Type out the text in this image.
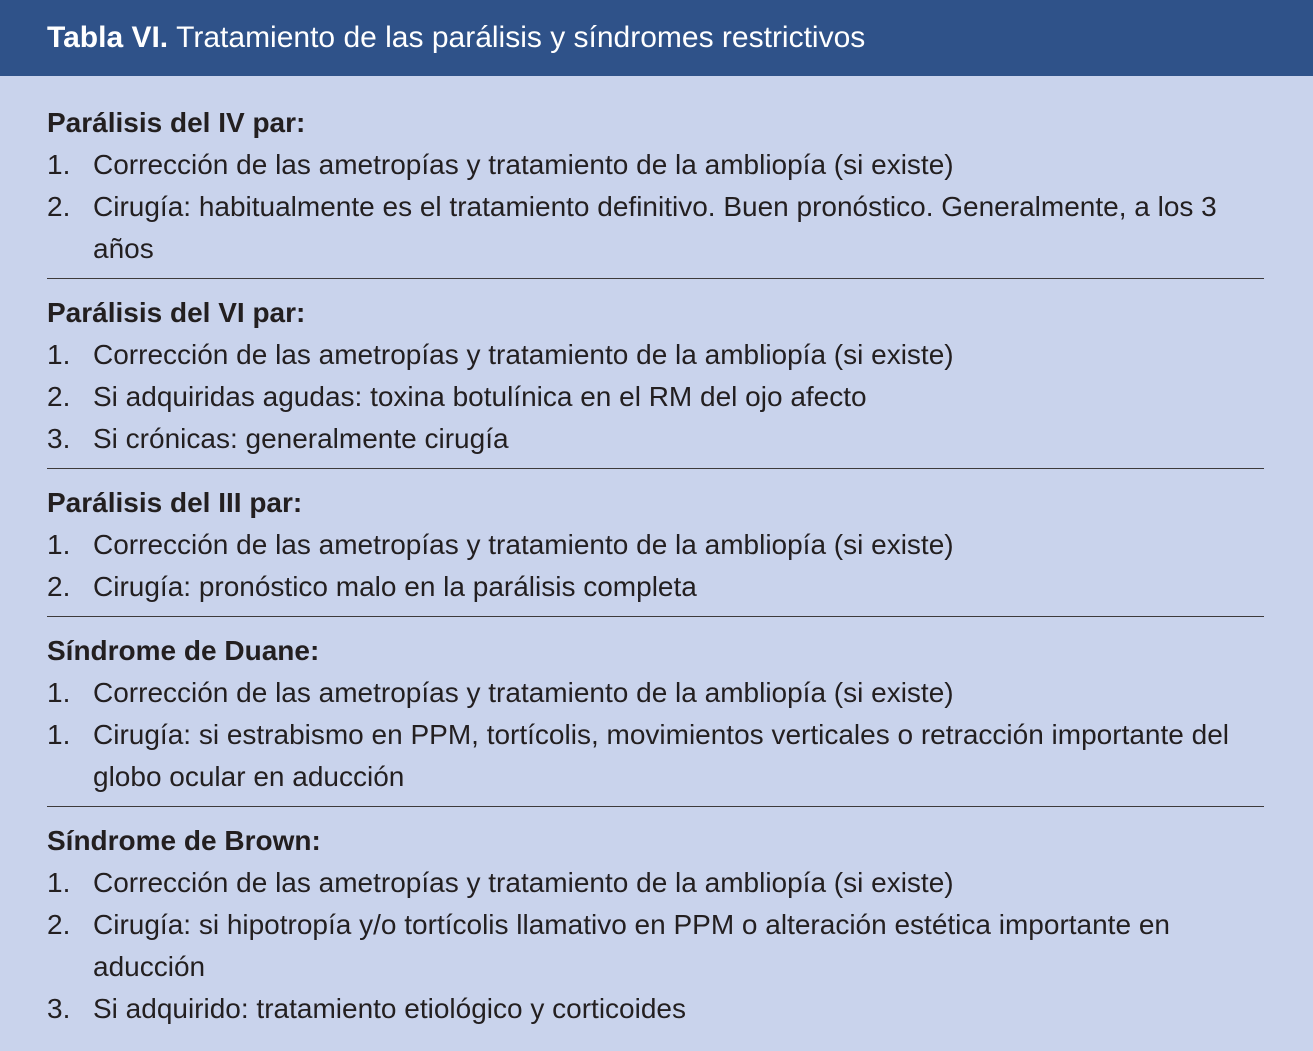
Tabla VI. Tratamiento de las parálisis y síndromes restrictivos

Parálisis del IV par:

1. Corrección de las ametropías y tratamiento de la ambliopía (si existe)
2. Cirugía: habitualmente es el tratamiento definitivo. Buen pronóstico. Generalmente, a los 3 años

Parálisis del VI par:

1. Corrección de las ametropías y tratamiento de la ambliopía (si existe)
2. Si adquiridas agudas: toxina botulínica en el RM del ojo afecto
3. Si crónicas: generalmente cirugía

Parálisis del III par:

1. Corrección de las ametropías y tratamiento de la ambliopía (si existe)
2. Cirugía: pronóstico malo en la parálisis completa

Síndrome de Duane:

1. Corrección de las ametropías y tratamiento de la ambliopía (si existe)
1. Cirugía: si estrabismo en PPM, tortícolis, movimientos verticales o retracción importante del globo ocular en aducción

Síndrome de Brown:

1. Corrección de las ametropías y tratamiento de la ambliopía (si existe)
2. Cirugía: si hipotropía y/o tortícolis llamativo en PPM o alteración estética importante en aducción
3. Si adquirido: tratamiento etiológico y corticoides
